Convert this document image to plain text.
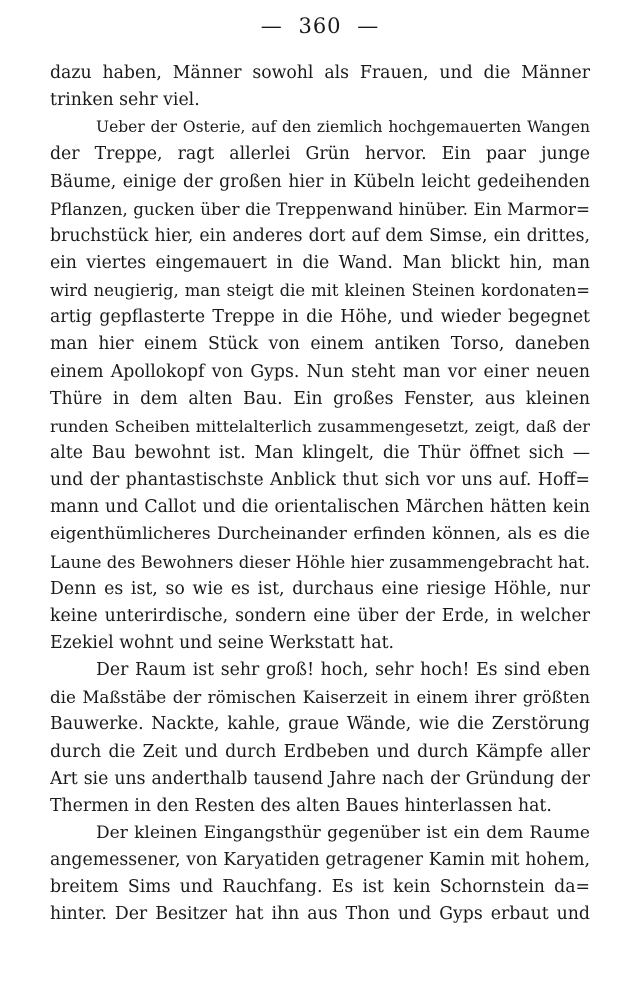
— 360 —
dazu haben, Männer sowohl als Frauen, und die Männer
trinken sehr viel.
Ueber der Osterie, auf den ziemlich hochgemauerten Wangen
der Treppe, ragt allerlei Grün hervor. Ein paar junge
Bäume, einige der großen hier in Kübeln leicht gedeihenden
Pflanzen, gucken über die Treppenwand hinüber. Ein Marmor=
bruchstück hier, ein anderes dort auf dem Simse, ein drittes,
ein viertes eingemauert in die Wand. Man blickt hin, man
wird neugierig, man steigt die mit kleinen Steinen kordonaten=
artig gepflasterte Treppe in die Höhe, und wieder begegnet
man hier einem Stück von einem antiken Torso, daneben
einem Apollokopf von Gyps. Nun steht man vor einer neuen
Thüre in dem alten Bau. Ein großes Fenster, aus kleinen
runden Scheiben mittelalterlich zusammengesetzt, zeigt, daß der
alte Bau bewohnt ist. Man klingelt, die Thür öffnet sich —
und der phantastischste Anblick thut sich vor uns auf. Hoff=
mann und Callot und die orientalischen Märchen hätten kein
eigenthümlicheres Durcheinander erfinden können, als es die
Laune des Bewohners dieser Höhle hier zusammengebracht hat.
Denn es ist, so wie es ist, durchaus eine riesige Höhle, nur
keine unterirdische, sondern eine über der Erde, in welcher
Ezekiel wohnt und seine Werkstatt hat.
Der Raum ist sehr groß! hoch, sehr hoch! Es sind eben
die Maßstäbe der römischen Kaiserzeit in einem ihrer größten
Bauwerke. Nackte, kahle, graue Wände, wie die Zerstörung
durch die Zeit und durch Erdbeben und durch Kämpfe aller
Art sie uns anderthalb tausend Jahre nach der Gründung der
Thermen in den Resten des alten Baues hinterlassen hat.
Der kleinen Eingangsthür gegenüber ist ein dem Raume
angemessener, von Karyatiden getragener Kamin mit hohem,
breitem Sims und Rauchfang. Es ist kein Schornstein da=
hinter. Der Besitzer hat ihn aus Thon und Gyps erbaut und
